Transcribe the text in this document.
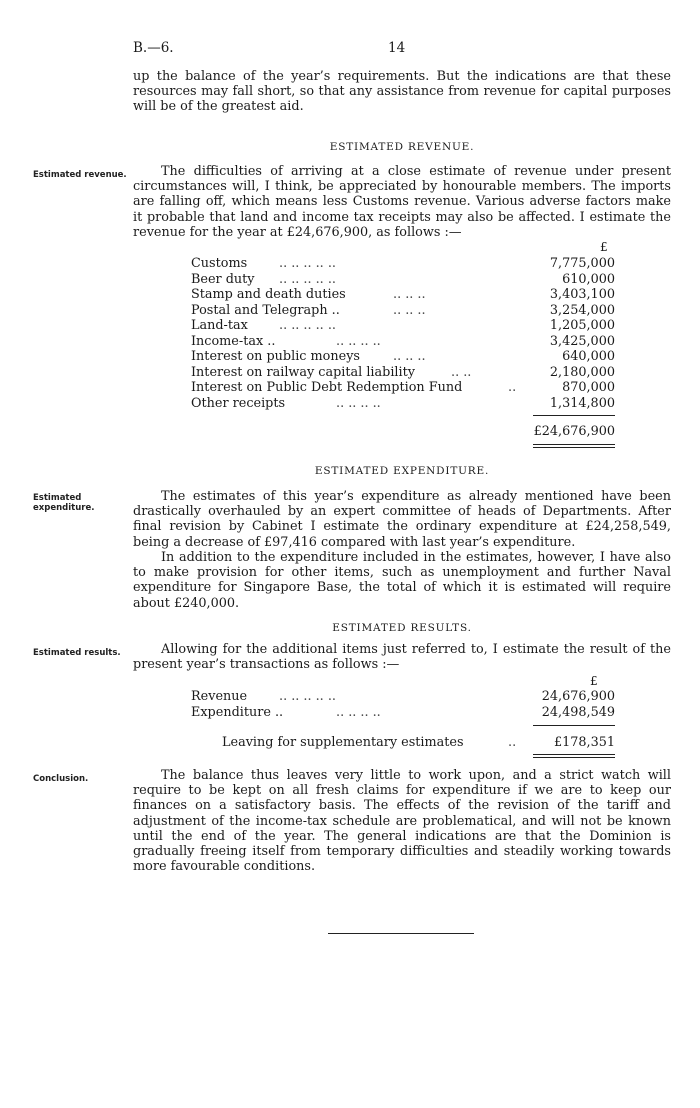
B.—6.	14
up the balance of the year’s requirements. But the indications are that these resources may fall short, so that any assistance from revenue for capital purposes will be of the greatest aid.
ESTIMATED REVENUE.
Estimated revenue.	The difficulties of arriving at a close estimate of revenue under present circumstances will, I think, be appreciated by honourable members. The imports are falling off, which means less Customs revenue. Various adverse factors make it probable that land and income tax receipts may also be affected. I estimate the revenue for the year at £24,676,900, as follows :—
£
Customs .. .. .. .. ..	7,775,000
Beer duty .. .. .. .. ..	610,000
Stamp and death duties	.. .. ..	3,403,100
Postal and Telegraph ..	.. .. ..	3,254,000
Land-tax .. .. .. .. ..	1,205,000
Income-tax ..	.. .. .. ..	3,425,000
Interest on public moneys	.. .. ..	640,000
Interest on railway capital liability	.. ..	2,180,000
Interest on Public Debt Redemption Fund	..	870,000
Other receipts	.. .. .. ..	1,314,800
£24,676,900
ESTIMATED EXPENDITURE.
Estimated
expenditure.
The estimates of this year’s expenditure as already mentioned have been drastically overhauled by an expert committee of heads of Departments. After final revision by Cabinet I estimate the ordinary expenditure at £24,258,549, being a decrease of £97,416 compared with last year’s expenditure.
In addition to the expenditure included in the estimates, however, I have also to make provision for other items, such as unemployment and further Naval expenditure for Singapore Base, the total of which it is estimated will require about £240,000.
ESTIMATED RESULTS.
Estimated results.	Allowing for the additional items just referred to, I estimate the result of the present year’s transactions as follows :—
£
Revenue .. .. .. .. ..	24,676,900
Expenditure ..	.. .. .. ..	24,498,549
Leaving for supplementary estimates	..	£178,351
Conclusion.	The balance thus leaves very little to work upon, and a strict watch will require to be kept on all fresh claims for expenditure if we are to keep our finances on a satisfactory basis. The effects of the revision of the tariff and adjustment of the income-tax schedule are problematical, and will not be known until the end of the year. The general indications are that the Dominion is gradually freeing itself from temporary difficulties and steadily working towards more favourable conditions.
